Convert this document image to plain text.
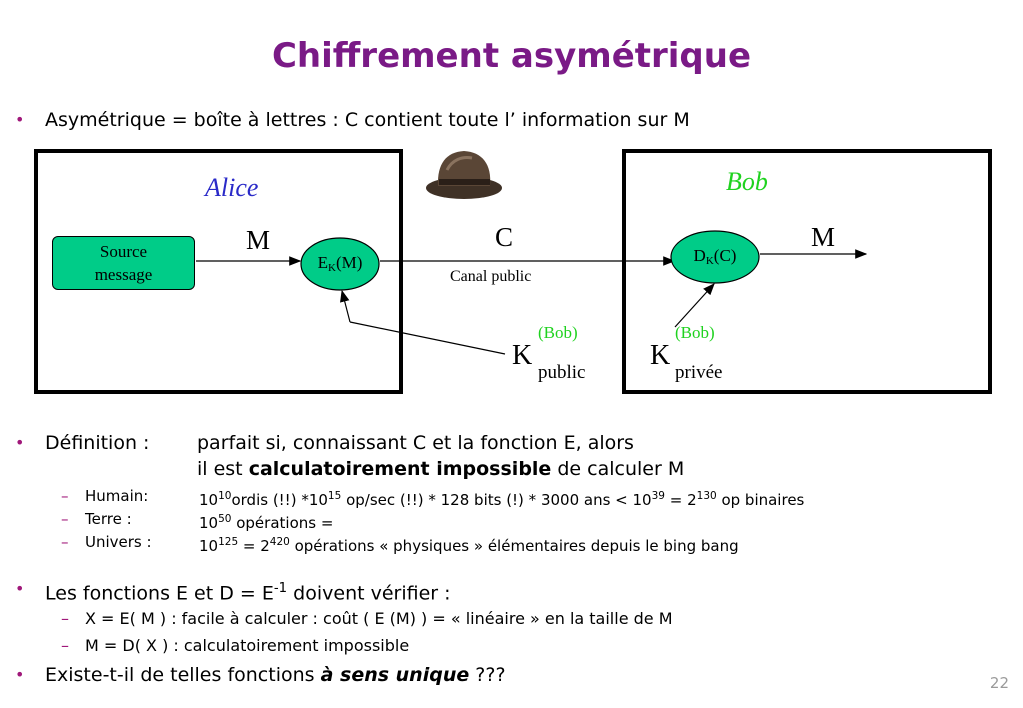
Chiffrement asymétrique
• Asymétrique = boîte à lettres : C contient toute l’ information sur M
Source
message
Alice	Bob
M	C	M
Canal public
EK(M)	DK(C)
K
(Bob)
public
K
(Bob)
privée
• Définition :	parfait si, connaissant C et la fonction E, alors
il est calculatoirement impossible de calculer M
– Humain:	$10^{10}ordis$ (!!) $*10^{15}$ op/sec (!!) * 128 bits (!) * 3000 ans < $10^{39} = 2^{130}$ op binaires
– Terre :	$10^{50}$ opérations =
– Univers :	$10^{125} = 2^{420}$ opérations « physiques » élémentaires depuis le bing bang
• Les fonctions E et $D = E^{-1}$ doivent vérifier :
– X = E( M ) : facile à calculer : coût ( E (M) ) = « linéaire » en la taille de M
– M = D( X ) : calculatoirement impossible
• Existe-t-il de telles fonctions à sens unique ???	22
